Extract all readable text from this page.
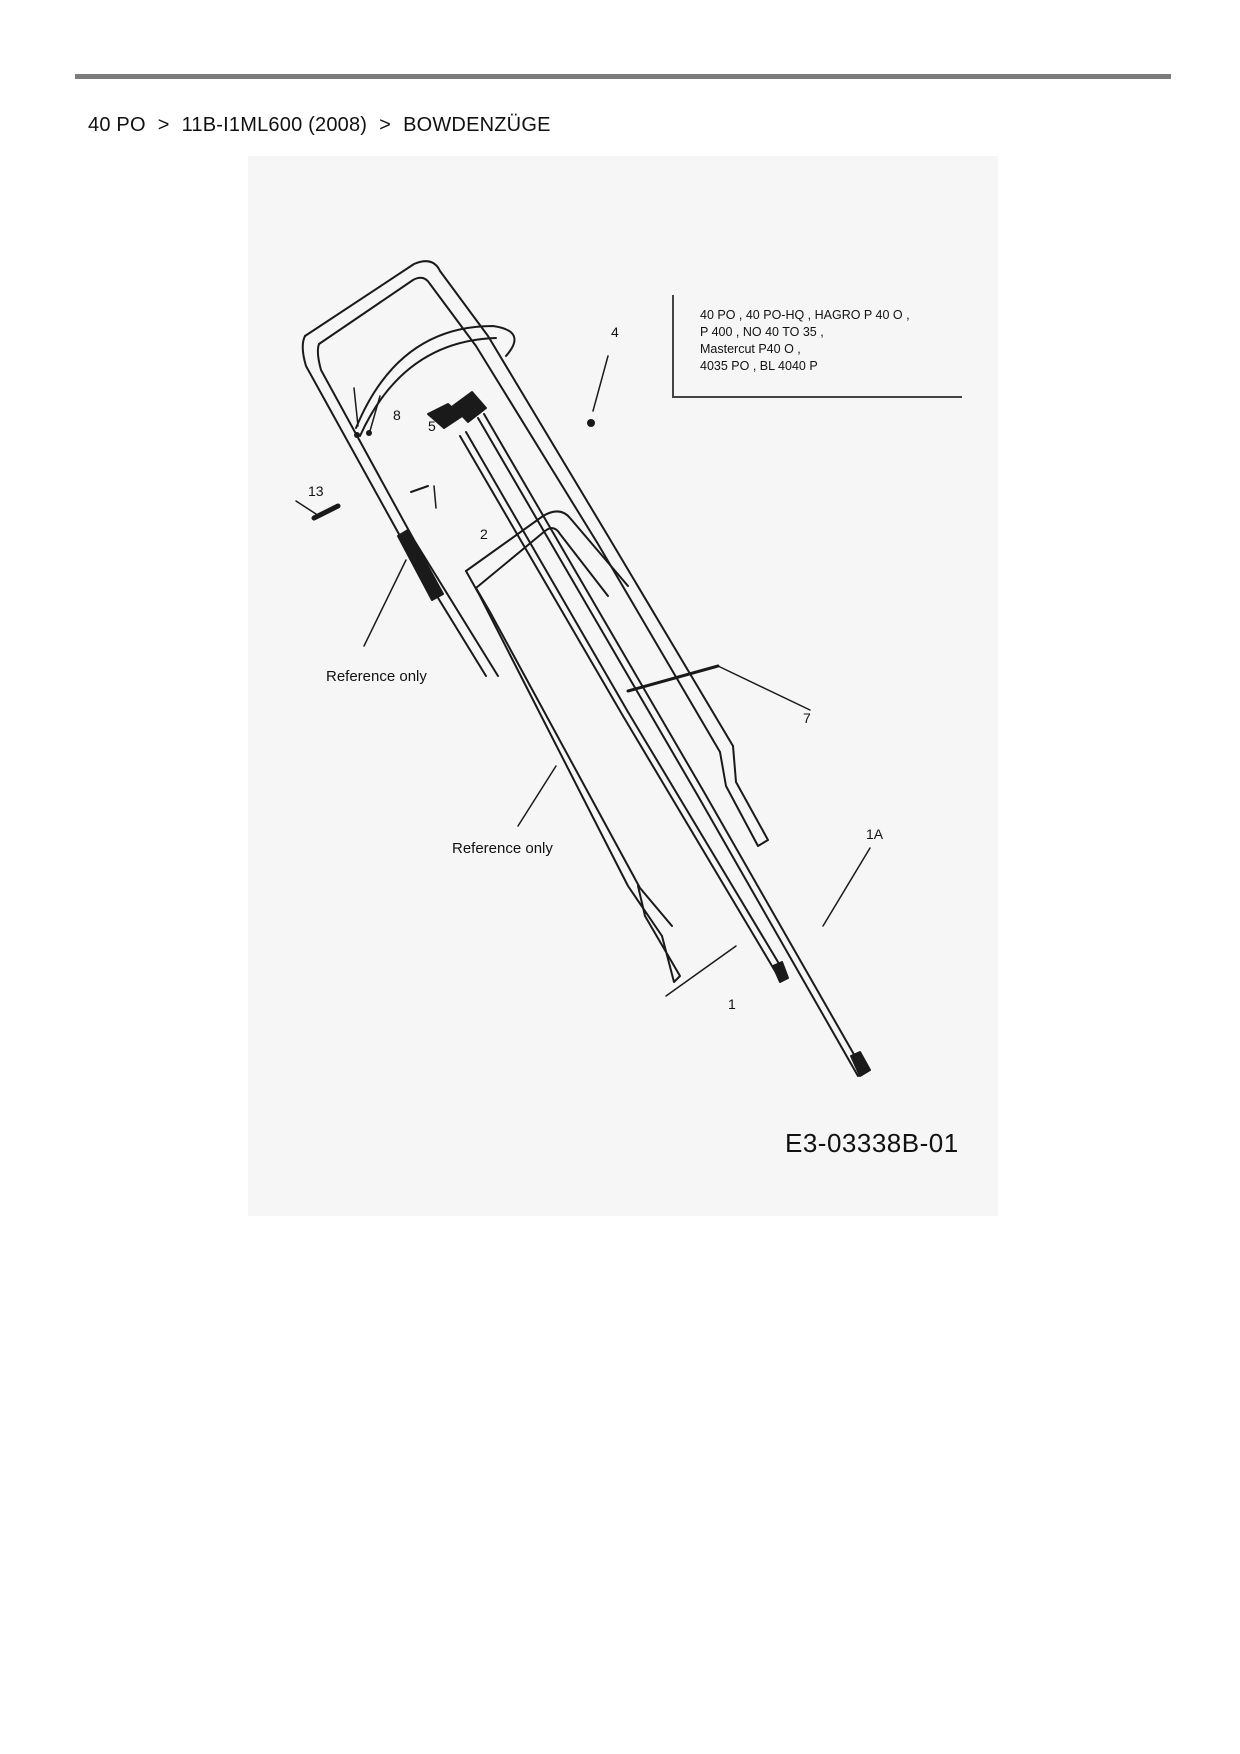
40 PO > 11B-I1ML600 (2008) > BOWDENZÜGE
4
8
5
13
2
7
1A
1
Reference only
Reference only
40 PO , 40 PO-HQ , HAGRO P 40 O ,
P 400 , NO 40 TO 35 ,
Mastercut P40 O ,
4035 PO , BL 4040 P
E3-03338B-01
